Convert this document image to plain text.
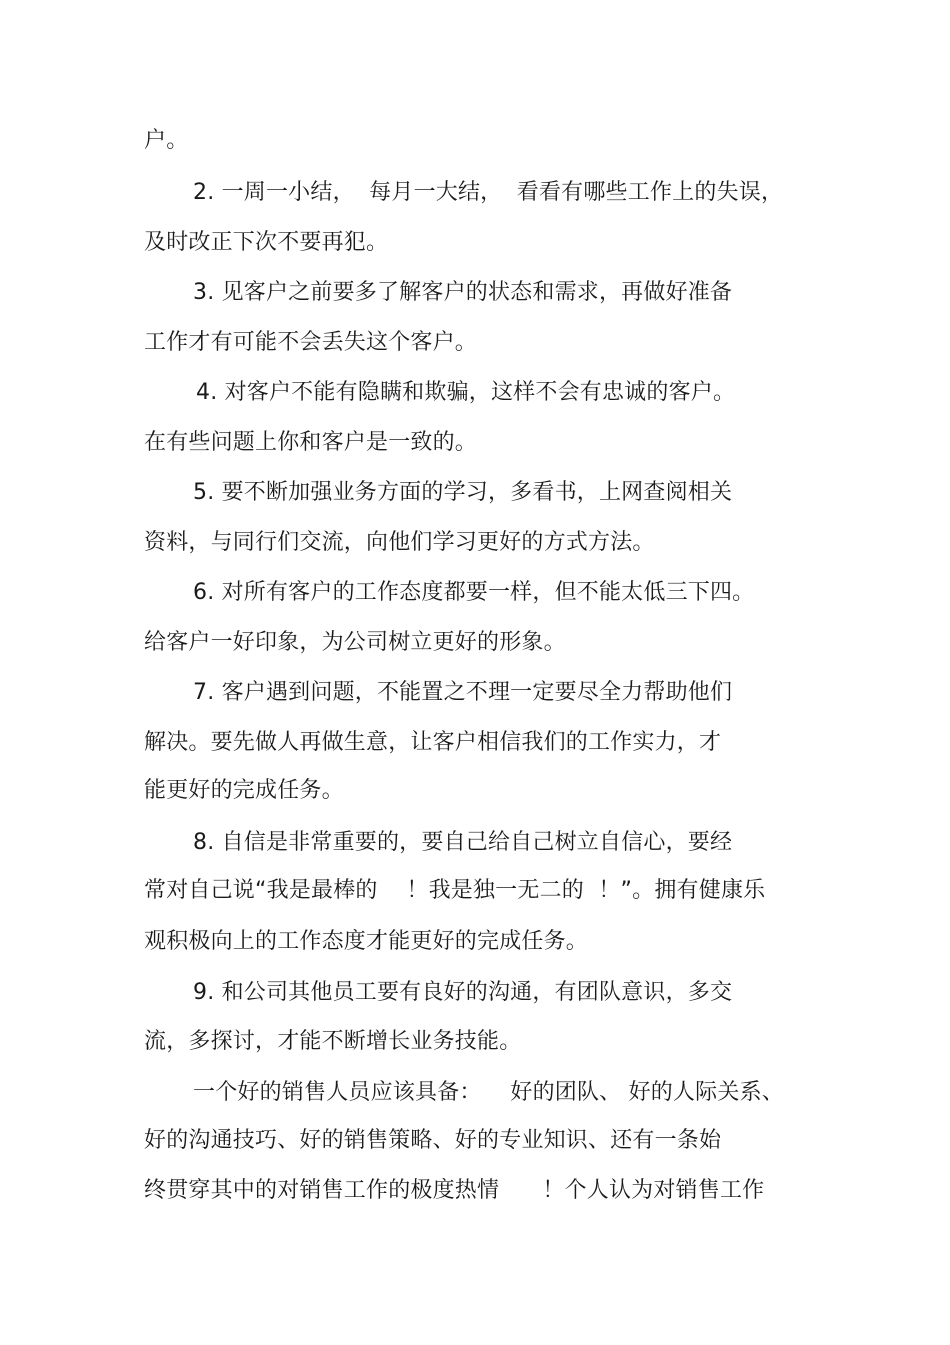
户。
2. 一周一小结，  每月一大结，  看看有哪些工作上的失误，
及时改正下次不要再犯。
3. 见客户之前要多了解客户的状态和需求，再做好准备
工作才有可能不会丢失这个客户。
4. 对客户不能有隐瞒和欺骗，这样不会有忠诚的客户。
在有些问题上你和客户是一致的。
5. 要不断加强业务方面的学习，多看书，上网查阅相关
资料，与同行们交流，向他们学习更好的方式方法。
6. 对所有客户的工作态度都要一样，但不能太低三下四。
给客户一好印象，为公司树立更好的形象。
7. 客户遇到问题，不能置之不理一定要尽全力帮助他们
解决。要先做人再做生意，让客户相信我们的工作实力，才
能更好的完成任务。
8. 自信是非常重要的，要自己给自己树立自信心，要经
常对自己说“我是最棒的    ！我是独一无二的  ！”。拥有健康乐
观积极向上的工作态度才能更好的完成任务。
9. 和公司其他员工要有良好的沟通，有团队意识，多交
流，多探讨，才能不断增长业务技能。
一个好的销售人员应该具备：    好的团队、 好的人际关系、
好的沟通技巧、好的销售策略、好的专业知识、还有一条始
终贯穿其中的对销售工作的极度热情      ！个人认为对销售工作
